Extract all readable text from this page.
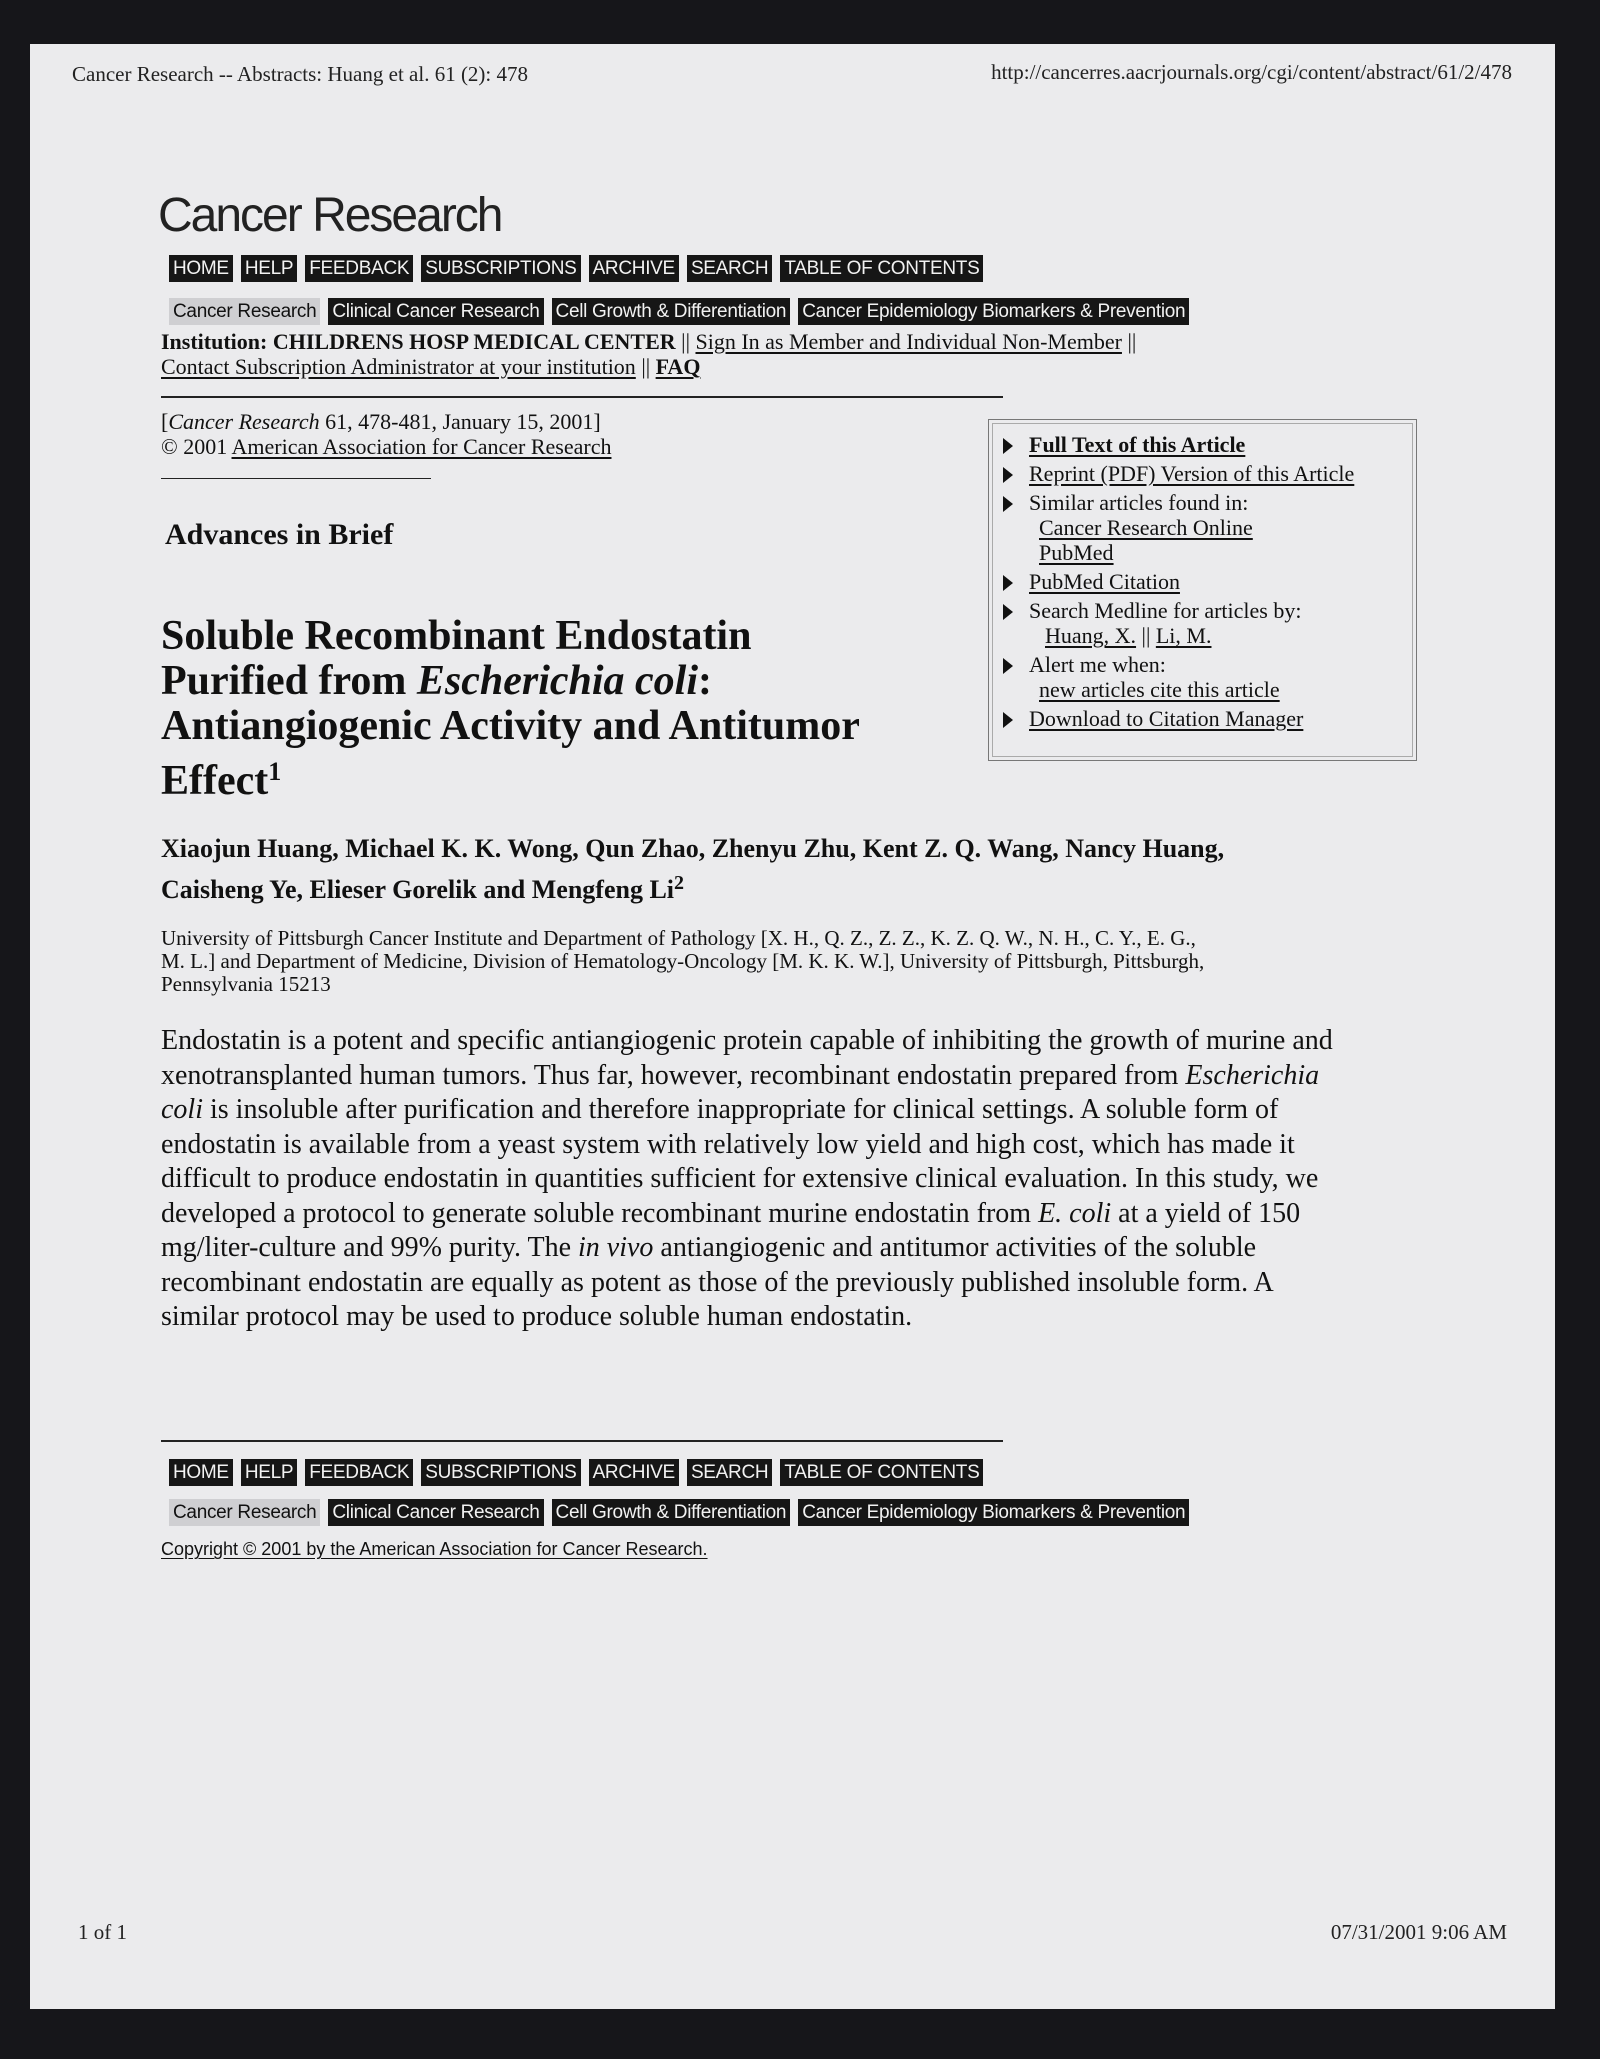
Cancer Research -- Abstracts: Huang et al. 61 (2): 478	http://cancerres.aacrjournals.org/cgi/content/abstract/61/2/478
Cancer Research
HOME HELP FEEDBACK SUBSCRIPTIONS ARCHIVE SEARCH TABLE OF CONTENTS
Cancer Research Clinical Cancer Research Cell Growth & Differentiation Cancer Epidemiology Biomarkers & Prevention
Institution: CHILDRENS HOSP MEDICAL CENTER || Sign In as Member and Individual Non-Member ||
Contact Subscription Administrator at your institution || FAQ
[Cancer Research 61, 478-481, January 15, 2001]
© 2001 American Association for Cancer Research
Advances in Brief
Soluble Recombinant Endostatin
Purified from Escherichia coli:
Antiangiogenic Activity and Antitumor
Effect$^1$
Full Text of this Article
Reprint (PDF) Version of this Article
Similar articles found in:
Cancer Research Online
PubMed
PubMed Citation
Search Medline for articles by:
Huang, X. || Li, M.
Alert me when:
new articles cite this article
Download to Citation Manager
Xiaojun Huang, Michael K. K. Wong, Qun Zhao, Zhenyu Zhu, Kent Z. Q. Wang, Nancy Huang,
Caisheng Ye, Elieser Gorelik and Mengfeng Li$^2$
University of Pittsburgh Cancer Institute and Department of Pathology [X. H., Q. Z., Z. Z., K. Z. Q. W., N. H., C. Y., E. G.,
M. L.] and Department of Medicine, Division of Hematology-Oncology [M. K. K. W.], University of Pittsburgh, Pittsburgh,
Pennsylvania 15213
Endostatin is a potent and specific antiangiogenic protein capable of inhibiting the growth of murine and
xenotransplanted human tumors. Thus far, however, recombinant endostatin prepared from Escherichia
coli is insoluble after purification and therefore inappropriate for clinical settings. A soluble form of
endostatin is available from a yeast system with relatively low yield and high cost, which has made it
difficult to produce endostatin in quantities sufficient for extensive clinical evaluation. In this study, we
developed a protocol to generate soluble recombinant murine endostatin from E. coli at a yield of 150
mg/liter-culture and 99% purity. The in vivo antiangiogenic and antitumor activities of the soluble
recombinant endostatin are equally as potent as those of the previously published insoluble form. A
similar protocol may be used to produce soluble human endostatin.
HOME HELP FEEDBACK SUBSCRIPTIONS ARCHIVE SEARCH TABLE OF CONTENTS
Cancer Research Clinical Cancer Research Cell Growth & Differentiation Cancer Epidemiology Biomarkers & Prevention
Copyright © 2001 by the American Association for Cancer Research.
1 of 1	07/31/2001 9:06 AM
